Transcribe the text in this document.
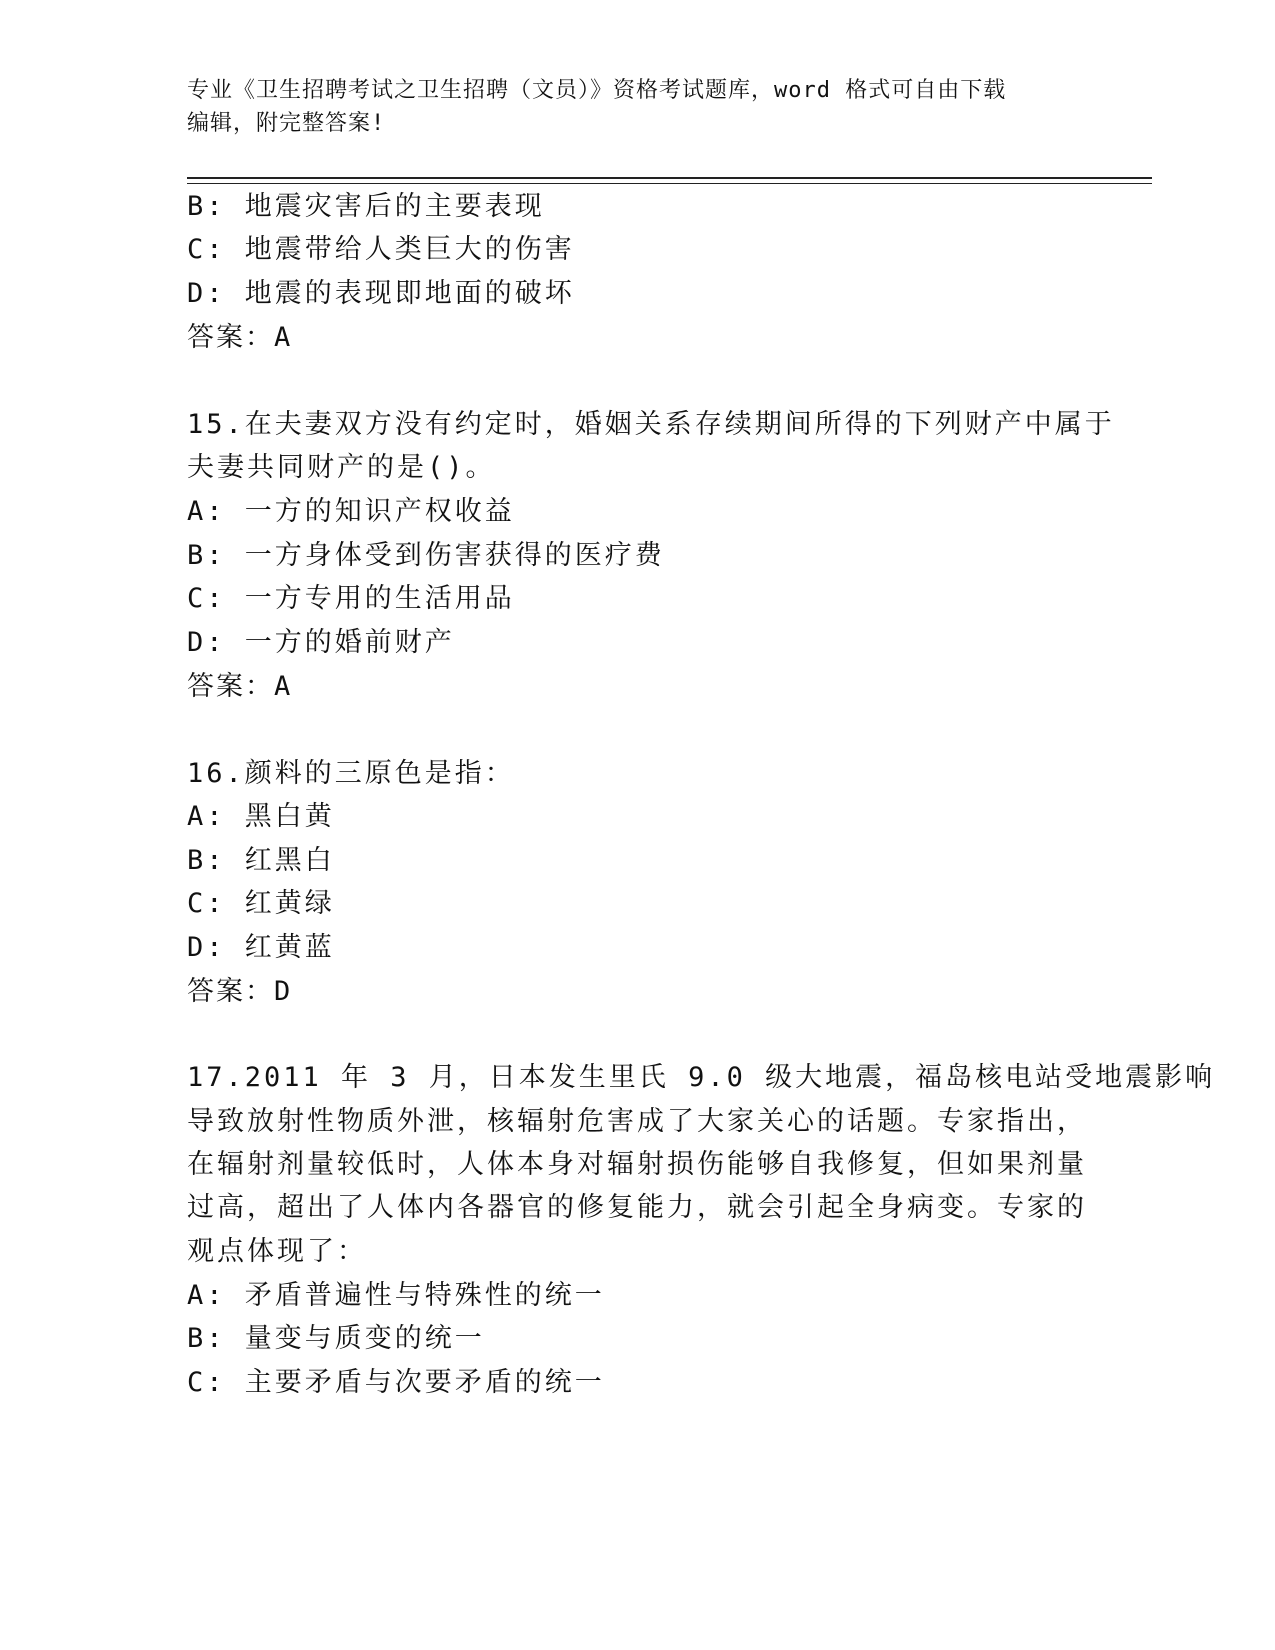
专业《卫生招聘考试之卫生招聘（文员）》资格考试题库，word 格式可自由下载
编辑，附完整答案!
B: 地震灾害后的主要表现
C: 地震带给人类巨大的伤害
D: 地震的表现即地面的破坏
答案：A
15.在夫妻双方没有约定时，婚姻关系存续期间所得的下列财产中属于
夫妻共同财产的是()。
A: 一方的知识产权收益
B: 一方身体受到伤害获得的医疗费
C: 一方专用的生活用品
D: 一方的婚前财产
答案：A
16.颜料的三原色是指：
A: 黑白黄
B: 红黑白
C: 红黄绿
D: 红黄蓝
答案：D
17.2011 年 3 月，日本发生里氏 9.0 级大地震，福岛核电站受地震影响
导致放射性物质外泄，核辐射危害成了大家关心的话题。专家指出，
在辐射剂量较低时，人体本身对辐射损伤能够自我修复，但如果剂量
过高，超出了人体内各器官的修复能力，就会引起全身病变。专家的
观点体现了：
A: 矛盾普遍性与特殊性的统一
B: 量变与质变的统一
C: 主要矛盾与次要矛盾的统一
